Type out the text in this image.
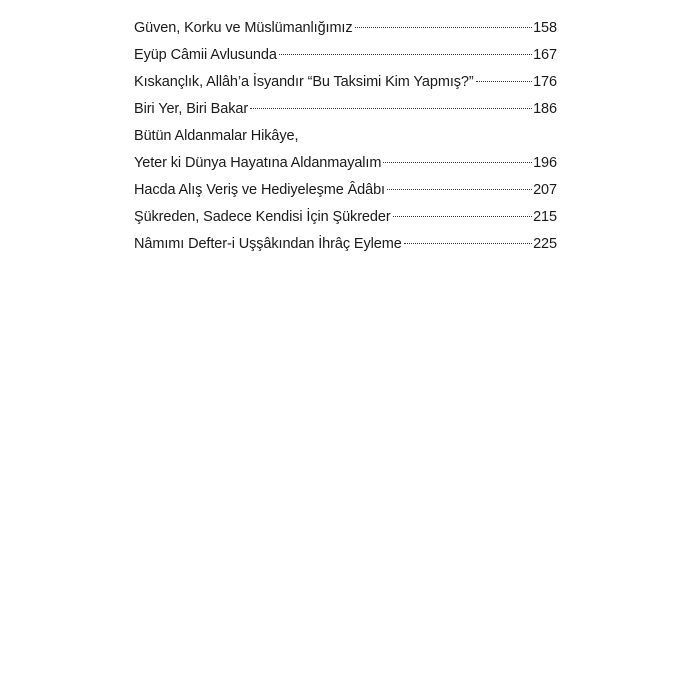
Güven, Korku ve Müslümanlığımız	158
Eyüp Câmii Avlusunda	167
Kıskançlık, Allâh’a İsyandır “Bu Taksimi Kim Yapmış?”	176
Biri Yer, Biri Bakar	186
Bütün Aldanmalar Hikâye,
Yeter ki Dünya Hayatına Aldanmayalım	196
Hacda Alış Veriş ve Hediyeleşme Âdâbı	207
Şükreden, Sadece Kendisi İçin Şükreder	215
Nâmımı Defter-i Uşşâkından İhrâç Eyleme	225
